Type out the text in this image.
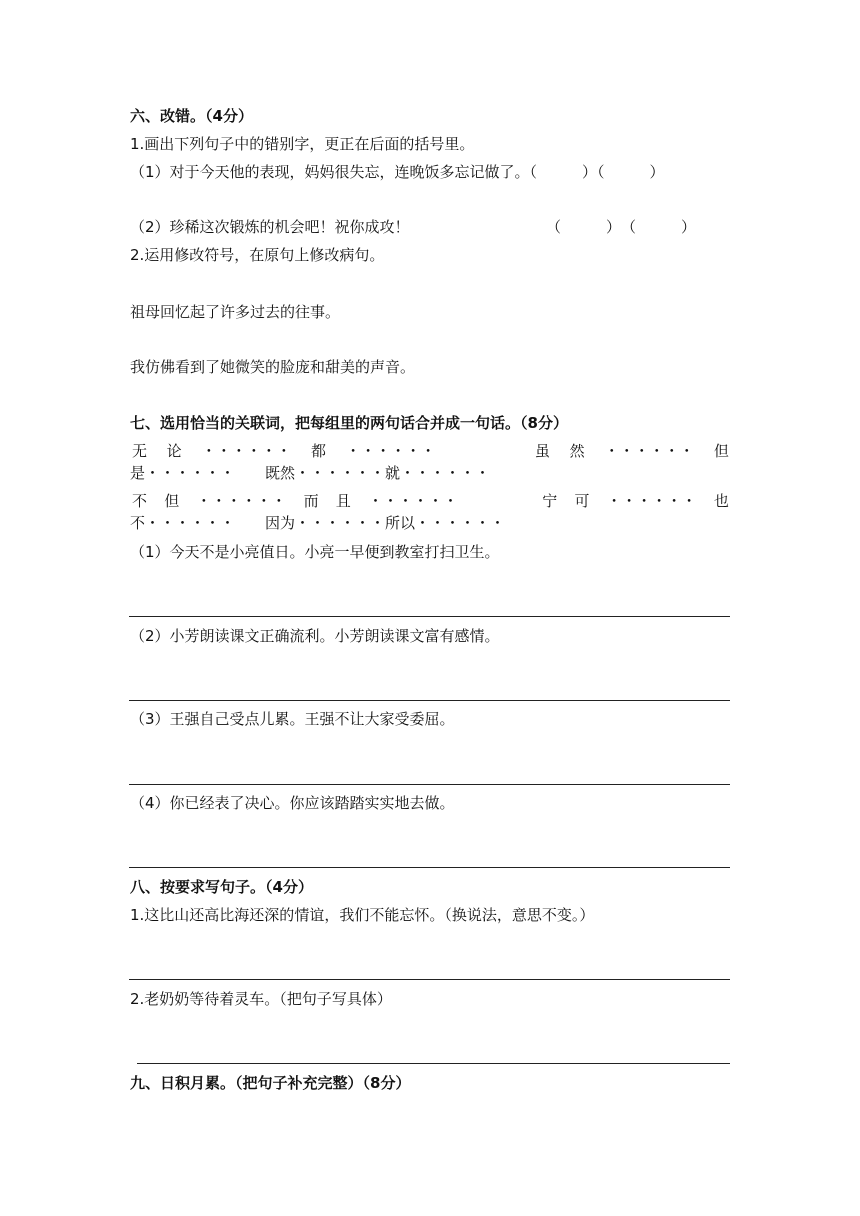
六、改错。（4分）
1.画出下列句子中的错别字，更正在后面的括号里。
（1）对于今天他的表现，妈妈很失忘，连晚饭多忘记做了。（　　　）（　　　）
（2）珍稀这次锻炼的机会吧！祝你成攻！	（　　　）　（　　　）
2.运用修改符号，在原句上修改病句。
祖母回忆起了许多过去的往事。
我仿佛看到了她微笑的脸庞和甜美的声音。
七、选用恰当的关联词，把每组里的两句话合并成一句话。（8分）
无 论 ・・・・・・ 都 ・・・・・・	虽 然 ・・・・・・ 但
是・・・・・・　　既然・・・・・・就・・・・・・
不 但 ・・・・・・ 而 且 ・・・・・・	宁 可 ・・・・・・ 也
不・・・・・・　　因为・・・・・・所以・・・・・・
（1）今天不是小亮值日。小亮一早便到教室打扫卫生。
（2）小芳朗读课文正确流利。小芳朗读课文富有感情。
（3）王强自己受点儿累。王强不让大家受委屈。
（4）你已经表了决心。你应该踏踏实实地去做。
八、按要求写句子。（4分）
1.这比山还高比海还深的情谊，我们不能忘怀。（换说法，意思不变。）
2.老奶奶等待着灵车。（把句子写具体）
九、日积月累。（把句子补充完整）（8分）
